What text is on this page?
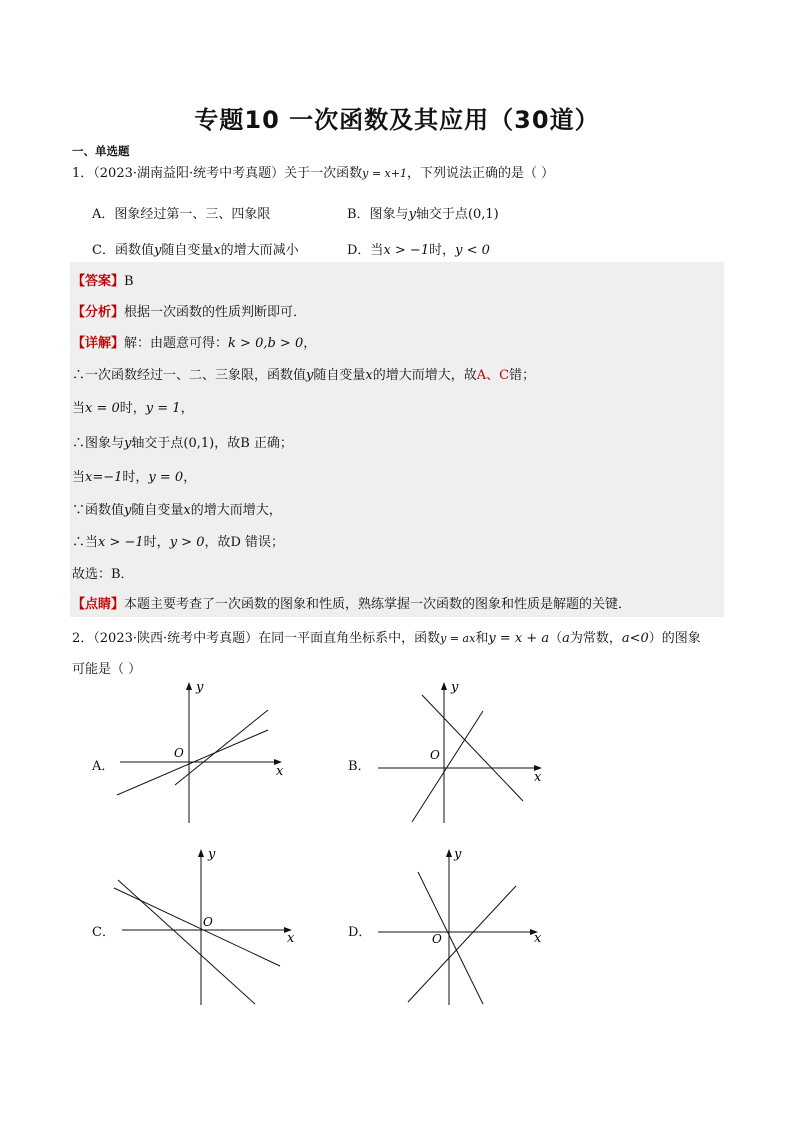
专题10 一次函数及其应用（30道）
一、单选题
1．（2023·湖南益阳·统考中考真题）关于一次函数y = x+1，下列说法正确的是（ ）
A．图象经过第一、三、四象限	B．图象与y轴交于点(0,1)
C．函数值y随自变量x的增大而减小	D．当x > −1时，y < 0
【答案】B
【分析】根据一次函数的性质判断即可．
【详解】解：由题意可得：k > 0,b > 0，
∴一次函数经过一、二、三象限，函数值y随自变量x的增大而增大，故A、C错；
当x = 0时，y = 1，
∴图象与y轴交于点(0,1)，故B 正确；
当x=−1时，y = 0，
∵函数值y随自变量x的增大而增大，
∴当x > −1时，y > 0，故D 错误；
故选：B．
【点睛】本题主要考查了一次函数的图象和性质，熟练掌握一次函数的图象和性质是解题的关键．
2．（2023·陕西·统考中考真题）在同一平面直角坐标系中，函数y = ax和y = x + a（a为常数，a<0）的图象
可能是（ ）
A．	x
y
O
B．
x
y
O
C．	x
y
O
D．	x
y
O
